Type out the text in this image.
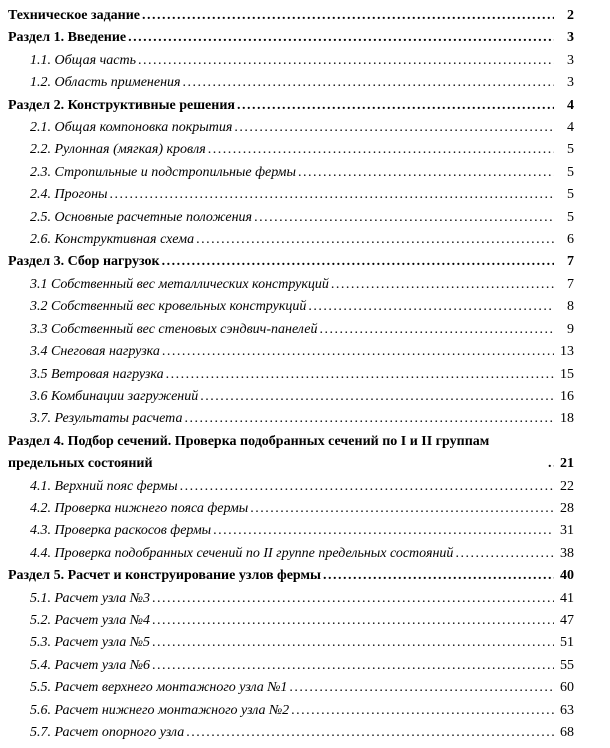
Техническое задание .....	2
Раздел 1. Введение .....	3
1.1. Общая часть .....	3
1.2. Область применения .....	3
Раздел 2. Конструктивные решения .....	4
2.1. Общая компоновка покрытия .....	4
2.2. Рулонная (мягкая) кровля .....	5
2.3. Стропильные и подстропильные фермы .....	5
2.4. Прогоны .....	5
2.5. Основные расчетные положения .....	5
2.6. Конструктивная схема .....	6
Раздел 3. Сбор нагрузок .....	7
3.1 Собственный вес металлических конструкций .....	7
3.2 Собственный вес кровельных конструкций .....	8
3.3 Собственный вес стеновых сэндвич-панелей .....	9
3.4 Снеговая нагрузка .....	13
3.5 Ветровая нагрузка .....	15
3.6 Комбинации загружений .....	16
3.7. Результаты расчета .....	18
Раздел 4. Подбор сечений. Проверка подобранных сечений по I и II группам предельных состояний .....	21
4.1. Верхний пояс фермы .....	22
4.2. Проверка нижнего пояса фермы .....	28
4.3. Проверка раскосов фермы .....	31
4.4. Проверка подобранных сечений по II группе предельных состояний .....	38
Раздел 5. Расчет и конструирование узлов фермы .....	40
5.1. Расчет узла №3 .....	41
5.2. Расчет узла №4 .....	47
5.3. Расчет узла №5 .....	51
5.4. Расчет узла №6 .....	55
5.5. Расчет верхнего монтажного узла №1 .....	60
5.6. Расчет нижнего монтажного узла №2 .....	63
5.7. Расчет опорного узла .....	68
